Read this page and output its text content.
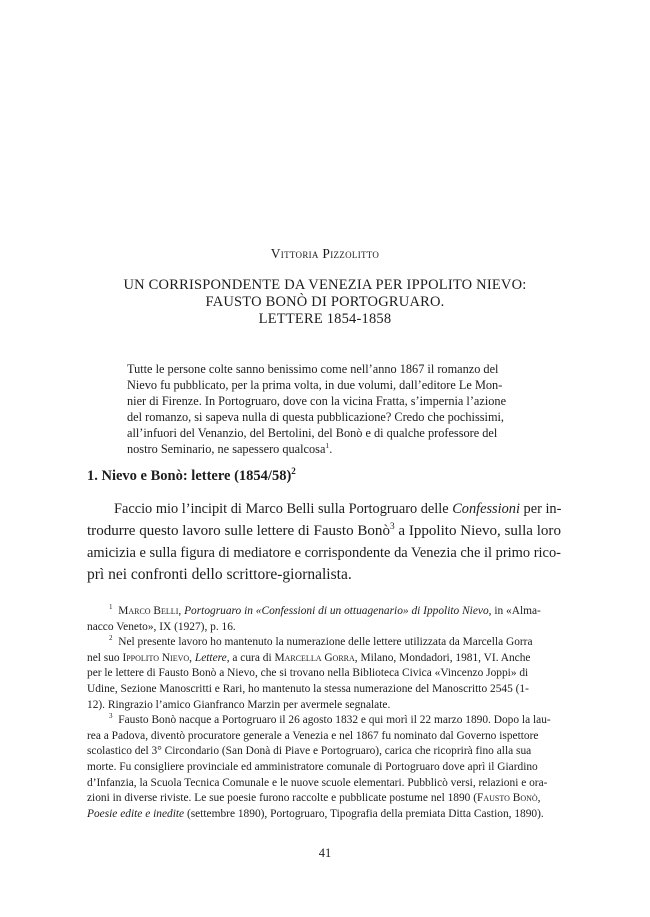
Vittoria Pizzolitto
UN CORRISPONDENTE DA VENEZIA PER IPPOLITO NIEVO:
FAUSTO BONÒ DI PORTOGRUARO.
LETTERE 1854-1858
Tutte le persone colte sanno benissimo come nell’anno 1867 il romanzo del
Nievo fu pubblicato, per la prima volta, in due volumi, dall’editore Le Mon-
nier di Firenze. In Portogruaro, dove con la vicina Fratta, s’impernia l’azione
del romanzo, si sapeva nulla di questa pubblicazione? Credo che pochissimi,
all’infuori del Venanzio, del Bertolini, del Bonò e di qualche professore del
nostro Seminario, ne sapessero qualcosa$^1$.
1. Nievo e Bonò: lettere $(1854/58)^2$
Faccio mio l’incipit di Marco Belli sulla Portogruaro delle Confessioni per in-
trodurre questo lavoro sulle lettere di Fausto Bonò$^3$ a Ippolito Nievo, sulla loro
amicizia e sulla figura di mediatore e corrispondente da Venezia che il primo rico-
prì nei confronti dello scrittore-giornalista.
$^1$ Marco Belli, Portogruaro in «Confessioni di un ottuagenario» di Ippolito Nievo, in «Alma-
nacco Veneto», IX (1927), p. 16.
$^2$ Nel presente lavoro ho mantenuto la numerazione delle lettere utilizzata da Marcella Gorra
nel suo Ippolito Nievo, Lettere, a cura di Marcella Gorra, Milano, Mondadori, 1981, VI. Anche
per le lettere di Fausto Bonò a Nievo, che si trovano nella Biblioteca Civica «Vincenzo Joppi» di
Udine, Sezione Manoscritti e Rari, ho mantenuto la stessa numerazione del Manoscritto 2545 (1-
12). Ringrazio l’amico Gianfranco Marzin per avermele segnalate.
$^3$ Fausto Bonò nacque a Portogruaro il 26 agosto 1832 e qui morì il 22 marzo 1890. Dopo la lau-
rea a Padova, diventò procuratore generale a Venezia e nel 1867 fu nominato dal Governo ispettore
scolastico del 3° Circondario (San Donà di Piave e Portogruaro), carica che ricoprirà fino alla sua
morte. Fu consigliere provinciale ed amministratore comunale di Portogruaro dove aprì il Giardino
d’Infanzia, la Scuola Tecnica Comunale e le nuove scuole elementari. Pubblicò versi, relazioni e ora-
zioni in diverse riviste. Le sue poesie furono raccolte e pubblicate postume nel 1890 (Fausto Bonò,
Poesie edite e inedite (settembre 1890), Portogruaro, Tipografia della premiata Ditta Castion, 1890).
41
